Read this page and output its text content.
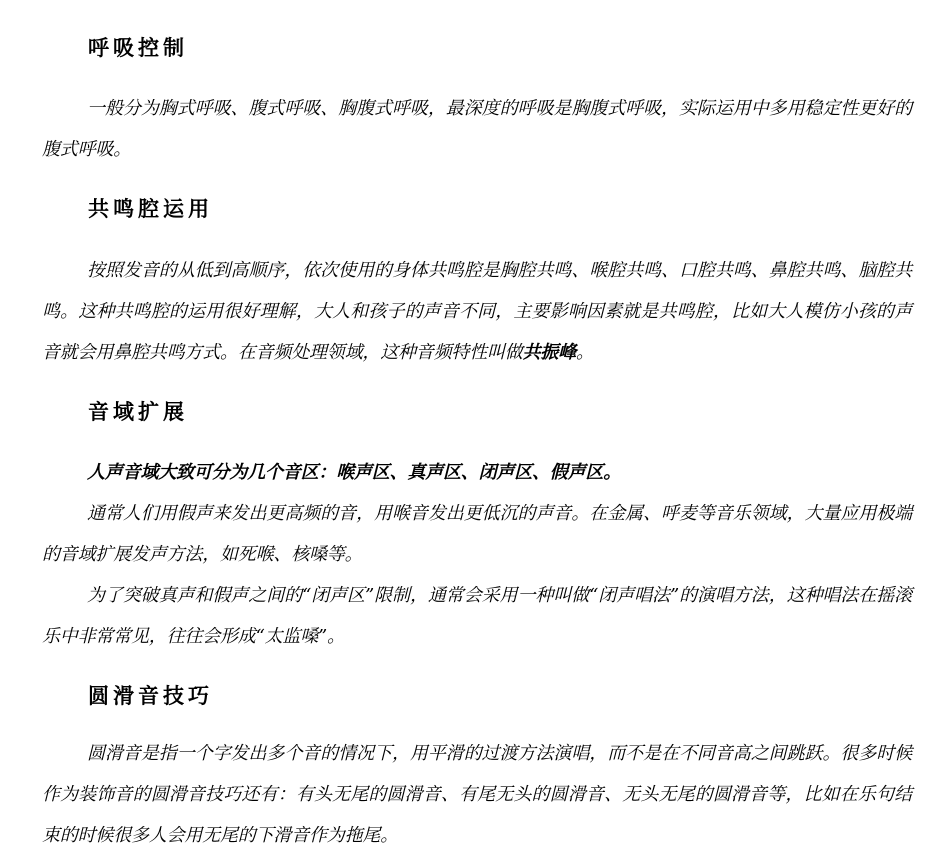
呼吸控制
一般分为胸式呼吸、腹式呼吸、胸腹式呼吸，最深度的呼吸是胸腹式呼吸，实际运用中多用稳定性更好的腹式呼吸。
共鸣腔运用
按照发音的从低到高顺序，依次使用的身体共鸣腔是胸腔共鸣、喉腔共鸣、口腔共鸣、鼻腔共鸣、脑腔共鸣。这种共鸣腔的运用很好理解，大人和孩子的声音不同，主要影响因素就是共鸣腔，比如大人模仿小孩的声音就会用鼻腔共鸣方式。在音频处理领域，这种音频特性叫做共振峰。
音域扩展
人声音域大致可分为几个音区：喉声区、真声区、闭声区、假声区。
通常人们用假声来发出更高频的音，用喉音发出更低沉的声音。在金属、呼麦等音乐领域，大量应用极端的音域扩展发声方法，如死喉、核嗓等。
为了突破真声和假声之间的“闭声区”限制，通常会采用一种叫做“闭声唱法”的演唱方法，这种唱法在摇滚乐中非常常见，往往会形成“太监嗓”。
圆滑音技巧
圆滑音是指一个字发出多个音的情况下，用平滑的过渡方法演唱，而不是在不同音高之间跳跃。很多时候作为装饰音的圆滑音技巧还有：有头无尾的圆滑音、有尾无头的圆滑音、无头无尾的圆滑音等，比如在乐句结束的时候很多人会用无尾的下滑音作为拖尾。
